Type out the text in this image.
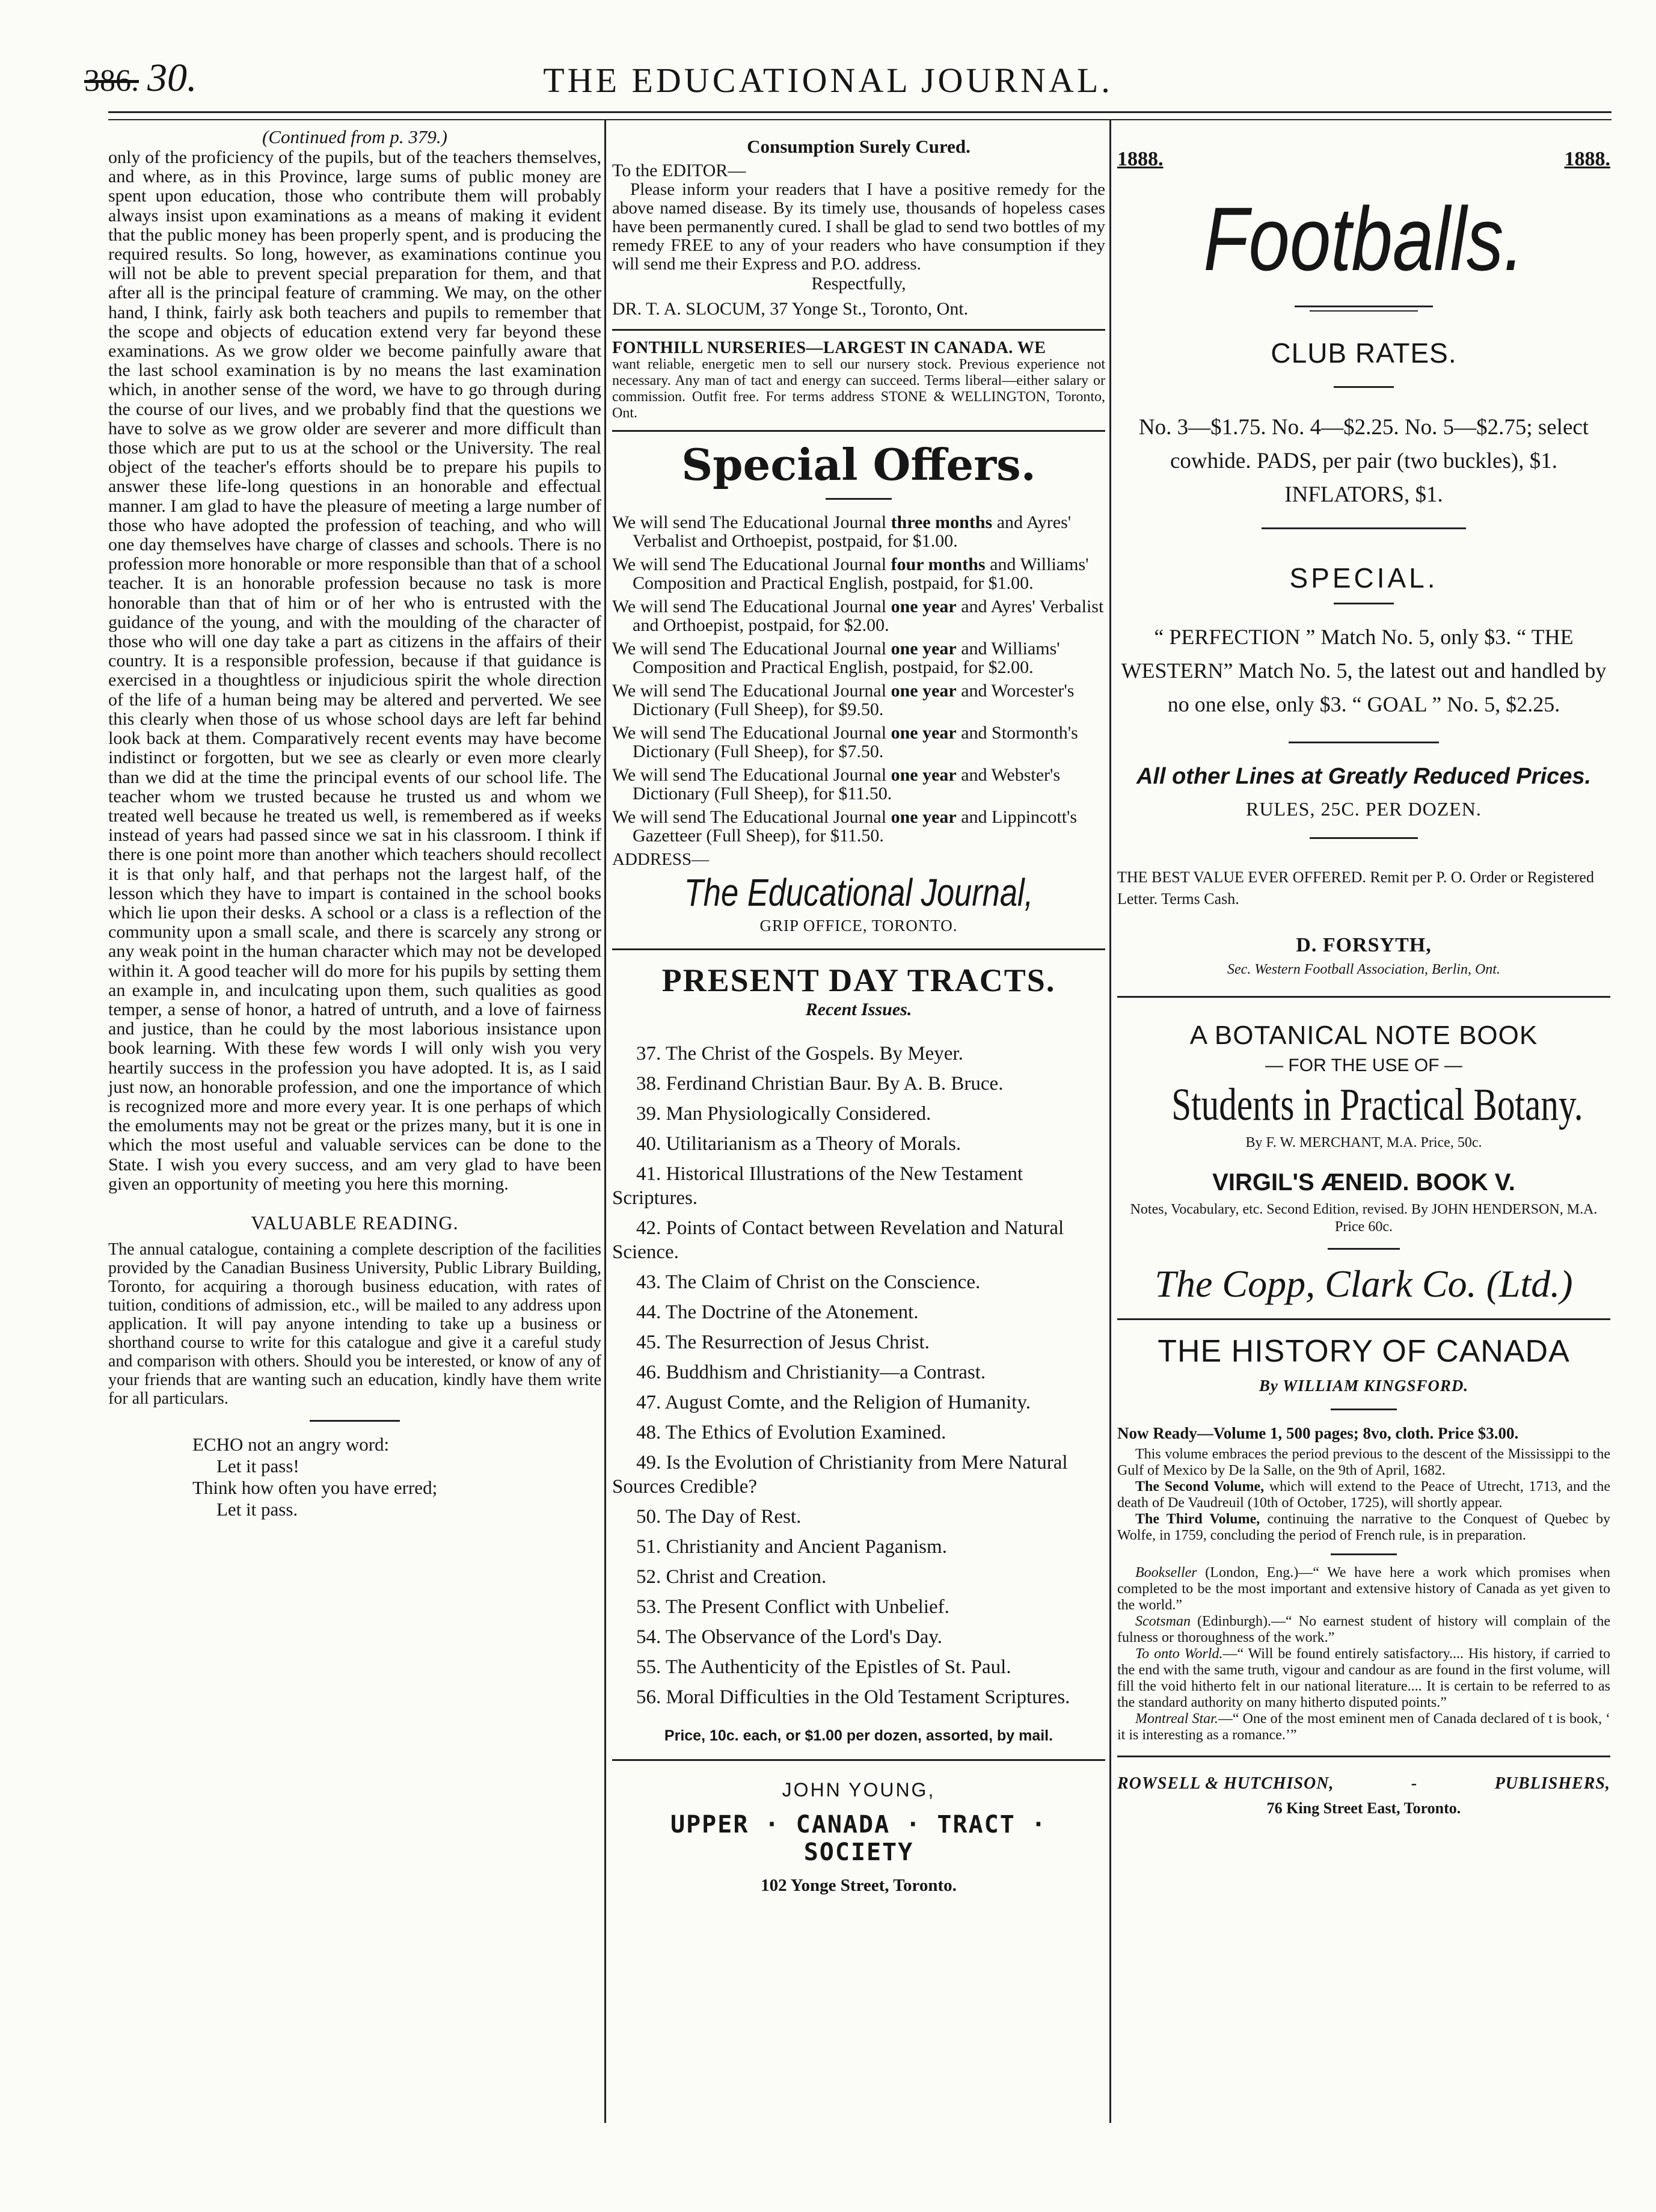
386. 30.	THE EDUCATIONAL JOURNAL.
(Continued from p. 379.)

only of the proficiency of the pupils, but of the teachers themselves, and where, as in this Province, large sums of public money are spent upon education, those who contribute them will probably always insist upon examinations as a means of making it evident that the public money has been properly spent, and is producing the required results. So long, however, as examinations continue you will not be able to prevent special preparation for them, and that after all is the principal feature of cramming. We may, on the other hand, I think, fairly ask both teachers and pupils to remember that the scope and objects of education extend very far beyond these examinations. As we grow older we become painfully aware that the last school examination is by no means the last examination which, in another sense of the word, we have to go through during the course of our lives, and we probably find that the questions we have to solve as we grow older are severer and more difficult than those which are put to us at the school or the University. The real object of the teacher's efforts should be to prepare his pupils to answer these life-long questions in an honorable and effectual manner. I am glad to have the pleasure of meeting a large number of those who have adopted the profession of teaching, and who will one day themselves have charge of classes and schools. There is no profession more honorable or more responsible than that of a school teacher. It is an honorable profession because no task is more honorable than that of him or of her who is entrusted with the guidance of the young, and with the moulding of the character of those who will one day take a part as citizens in the affairs of their country. It is a responsible profession, because if that guidance is exercised in a thoughtless or injudicious spirit the whole direction of the life of a human being may be altered and perverted. We see this clearly when those of us whose school days are left far behind look back at them. Comparatively recent events may have become indistinct or forgotten, but we see as clearly or even more clearly than we did at the time the principal events of our school life. The teacher whom we trusted because he trusted us and whom we treated well because he treated us well, is remembered as if weeks instead of years had passed since we sat in his classroom. I think if there is one point more than another which teachers should recollect it is that only half, and that perhaps not the largest half, of the lesson which they have to impart is contained in the school books which lie upon their desks. A school or a class is a reflection of the community upon a small scale, and there is scarcely any strong or any weak point in the human character which may not be developed within it. A good teacher will do more for his pupils by setting them an example in, and inculcating upon them, such qualities as good temper, a sense of honor, a hatred of untruth, and a love of fairness and justice, than he could by the most laborious insistance upon book learning. With these few words I will only wish you very heartily success in the profession you have adopted. It is, as I said just now, an honorable profession, and one the importance of which is recognized more and more every year. It is one perhaps of which the emoluments may not be great or the prizes many, but it is one in which the most useful and valuable services can be done to the State. I wish you every success, and am very glad to have been given an opportunity of meeting you here this morning.

VALUABLE READING.

The annual catalogue, containing a complete description of the facilities provided by the Canadian Business University, Public Library Building, Toronto, for acquiring a thorough business education, with rates of tuition, conditions of admission, etc., will be mailed to any address upon application. It will pay anyone intending to take up a business or shorthand course to write for this catalogue and give it a careful study and comparison with others. Should you be interested, or know of any of your friends that are wanting such an education, kindly have them write for all particulars.

ECHO not an angry word:
Let it pass!
Think how often you have erred;
Let it pass.
Consumption Surely Cured.
To the EDITOR—

Please inform your readers that I have a positive remedy for the above named disease. By its timely use, thousands of hopeless cases have been permanently cured. I shall be glad to send two bottles of my remedy FREE to any of your readers who have consumption if they will send me their Express and P.O. address.

Respectfully,
DR. T. A. SLOCUM, 37 Yonge St., Toronto, Ont.
FONTHILL NURSERIES—LARGEST IN CANADA. WE
want reliable, energetic men to sell our nursery stock. Previous experience not necessary. Any man of tact and energy can succeed. Terms liberal—either salary or commission. Outfit free. For terms address STONE & WELLINGTON, Toronto, Ont.
Special Offers.
We will send The Educational Journal three months and Ayres' Verbalist and Orthoepist, postpaid, for $1.00.
We will send The Educational Journal four months and Williams' Composition and Practical English, postpaid, for $1.00.
We will send The Educational Journal one year and Ayres' Verbalist and Orthoepist, postpaid, for $2.00.
We will send The Educational Journal one year and Williams' Composition and Practical English, postpaid, for $2.00.
We will send The Educational Journal one year and Worcester's Dictionary (Full Sheep), for $9.50.
We will send The Educational Journal one year and Stormonth's Dictionary (Full Sheep), for $7.50.
We will send The Educational Journal one year and Webster's Dictionary (Full Sheep), for $11.50.
We will send The Educational Journal one year and Lippincott's Gazetteer (Full Sheep), for $11.50.
ADDRESS—
The Educational Journal,
GRIP OFFICE, TORONTO.
PRESENT DAY TRACTS.
Recent Issues.
37. The Christ of the Gospels. By Meyer.
38. Ferdinand Christian Baur. By A. B. Bruce.
39. Man Physiologically Considered.
40. Utilitarianism as a Theory of Morals.
41. Historical Illustrations of the New Testament Scriptures.
42. Points of Contact between Revelation and Natural Science.
43. The Claim of Christ on the Conscience.
44. The Doctrine of the Atonement.
45. The Resurrection of Jesus Christ.
46. Buddhism and Christianity—a Contrast.
47. August Comte, and the Religion of Humanity.
48. The Ethics of Evolution Examined.
49. Is the Evolution of Christianity from Mere Natural Sources Credible?
50. The Day of Rest.
51. Christianity and Ancient Paganism.
52. Christ and Creation.
53. The Present Conflict with Unbelief.
54. The Observance of the Lord's Day.
55. The Authenticity of the Epistles of St. Paul.
56. Moral Difficulties in the Old Testament Scriptures.
Price, 10c. each, or $1.00 per dozen, assorted, by mail.
JOHN YOUNG,
UPPER · CANADA · TRACT · SOCIETY
102 Yonge Street, Toronto.
1888.	1888.
Footballs.
CLUB RATES.
No. 3—$1.75. No. 4—$2.25. No. 5—$2.75; select cowhide. PADS, per pair (two buckles), $1. INFLATORS, $1.
SPECIAL.
“ PERFECTION ” Match No. 5, only $3. “ THE WESTERN” Match No. 5, the latest out and handled by no one else, only $3. “ GOAL ” No. 5, $2.25.
All other Lines at Greatly Reduced Prices.
RULES, 25C. PER DOZEN.
THE BEST VALUE EVER OFFERED. Remit per P. O. Order or Registered Letter. Terms Cash.
D. FORSYTH,
Sec. Western Football Association, Berlin, Ont.
A BOTANICAL NOTE BOOK
— FOR THE USE OF —
Students in Practical Botany.
By F. W. MERCHANT, M.A. Price, 50c.
VIRGIL'S ÆNEID. BOOK V.
Notes, Vocabulary, etc. Second Edition, revised. By JOHN HENDERSON, M.A. Price 60c.
The Copp, Clark Co. (Ltd.)
THE HISTORY OF CANADA
By WILLIAM KINGSFORD.
Now Ready—Volume 1, 500 pages; 8vo, cloth. Price $3.00.
This volume embraces the period previous to the descent of the Mississippi to the Gulf of Mexico by De la Salle, on the 9th of April, 1682.
The Second Volume, which will extend to the Peace of Utrecht, 1713, and the death of De Vaudreuil (10th of October, 1725), will shortly appear.
The Third Volume, continuing the narrative to the Conquest of Quebec by Wolfe, in 1759, concluding the period of French rule, is in preparation.
Bookseller (London, Eng.)—“ We have here a work which promises when completed to be the most important and extensive history of Canada as yet given to the world.”
Scotsman (Edinburgh).—“ No earnest student of history will complain of the fulness or thoroughness of the work.”
To onto World.—“ Will be found entirely satisfactory.... His history, if carried to the end with the same truth, vigour and candour as are found in the first volume, will fill the void hitherto felt in our national literature.... It is certain to be referred to as the standard authority on many hitherto disputed points.”
Montreal Star.—“ One of the most eminent men of Canada declared of t is book, ‘ it is interesting as a romance.’”
ROWSELL & HUTCHISON,	-	PUBLISHERS,
76 King Street East, Toronto.
